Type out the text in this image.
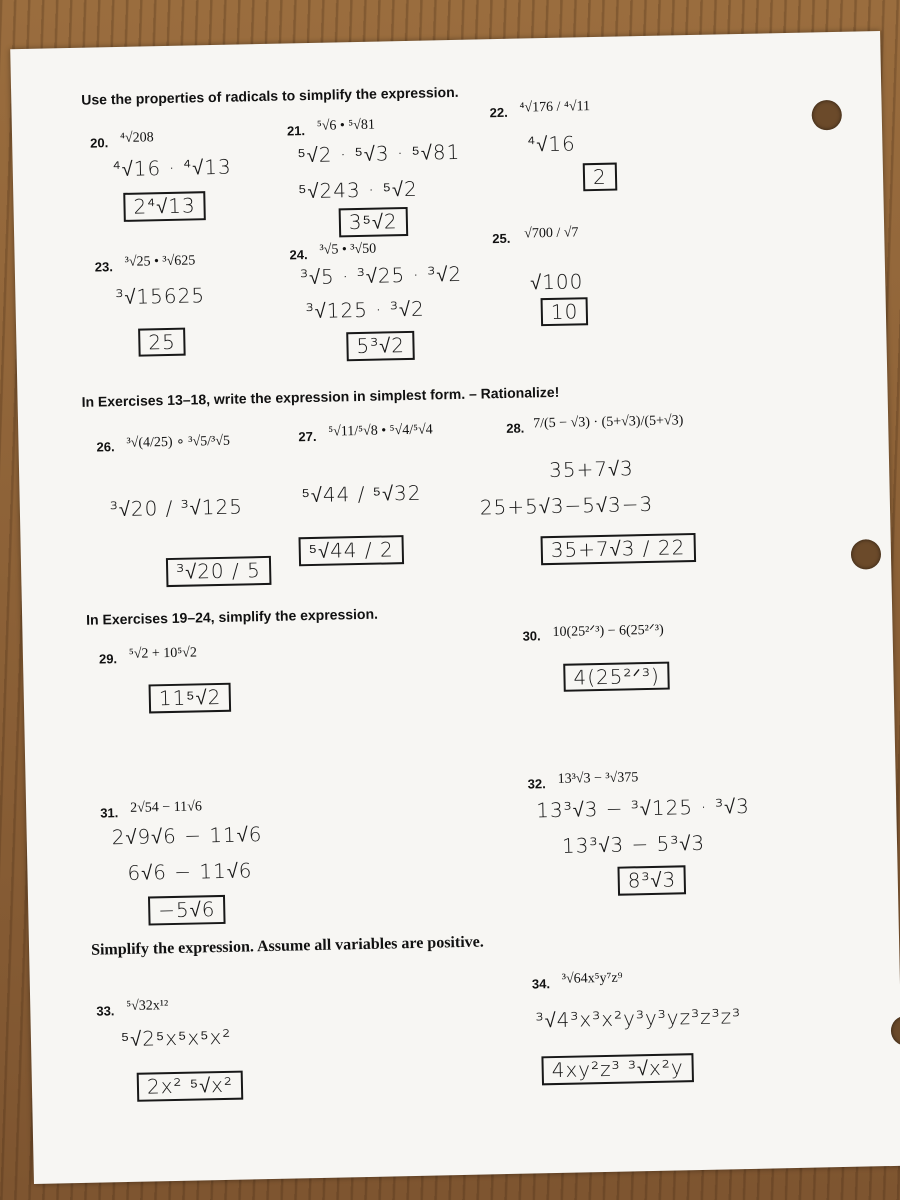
Use the properties of radicals to simplify the expression.
20. ⁴√208
⁴√16 · ⁴√13
2⁴√13
21. ⁵√6 • ⁵√81
⁵√2 · ⁵√3 · ⁵√81
⁵√243 · ⁵√2
3⁵√2
22. ⁴√176 / ⁴√11
⁴√16
2
23. ³√25 • ³√625
³√15625
25
24. ³√5 • ³√50
³√5 · ³√25 · ³√2
³√125 · ³√2
5³√2
25. √700 / √7
√100
10
In Exercises 13–18, write the expression in simplest form. – Rationalize!
26. ³√(4/25) ∘ ³√5/³√5
³√20 / ³√125
³√20 / 5
27. ⁵√11/⁵√8 • ⁵√4/⁵√4
⁵√44 / ⁵√32
⁵√44 / 2
28. 7/(5 − √3) · (5+√3)/(5+√3)
35+7√3
25+5√3−5√3−3
35+7√3 / 22
In Exercises 19–24, simplify the expression.
29. ⁵√2 + 10⁵√2
11⁵√2
30. 10(25²ᐟ³) − 6(25²ᐟ³)
4(25²ᐟ³)
31. 2√54 − 11√6
2√9√6 − 11√6
6√6 − 11√6
−5√6
32. 13³√3 − ³√375
13³√3 − ³√125 · ³√3
13³√3 − 5³√3
8³√3
Simplify the expression. Assume all variables are positive.
33. ⁵√32x¹²
⁵√2⁵x⁵x⁵x²
2x² ⁵√x²
34. ³√64x⁵y⁷z⁹
³√4³x³x²y³y³yz³z³z³
4xy²z³ ³√x²y
